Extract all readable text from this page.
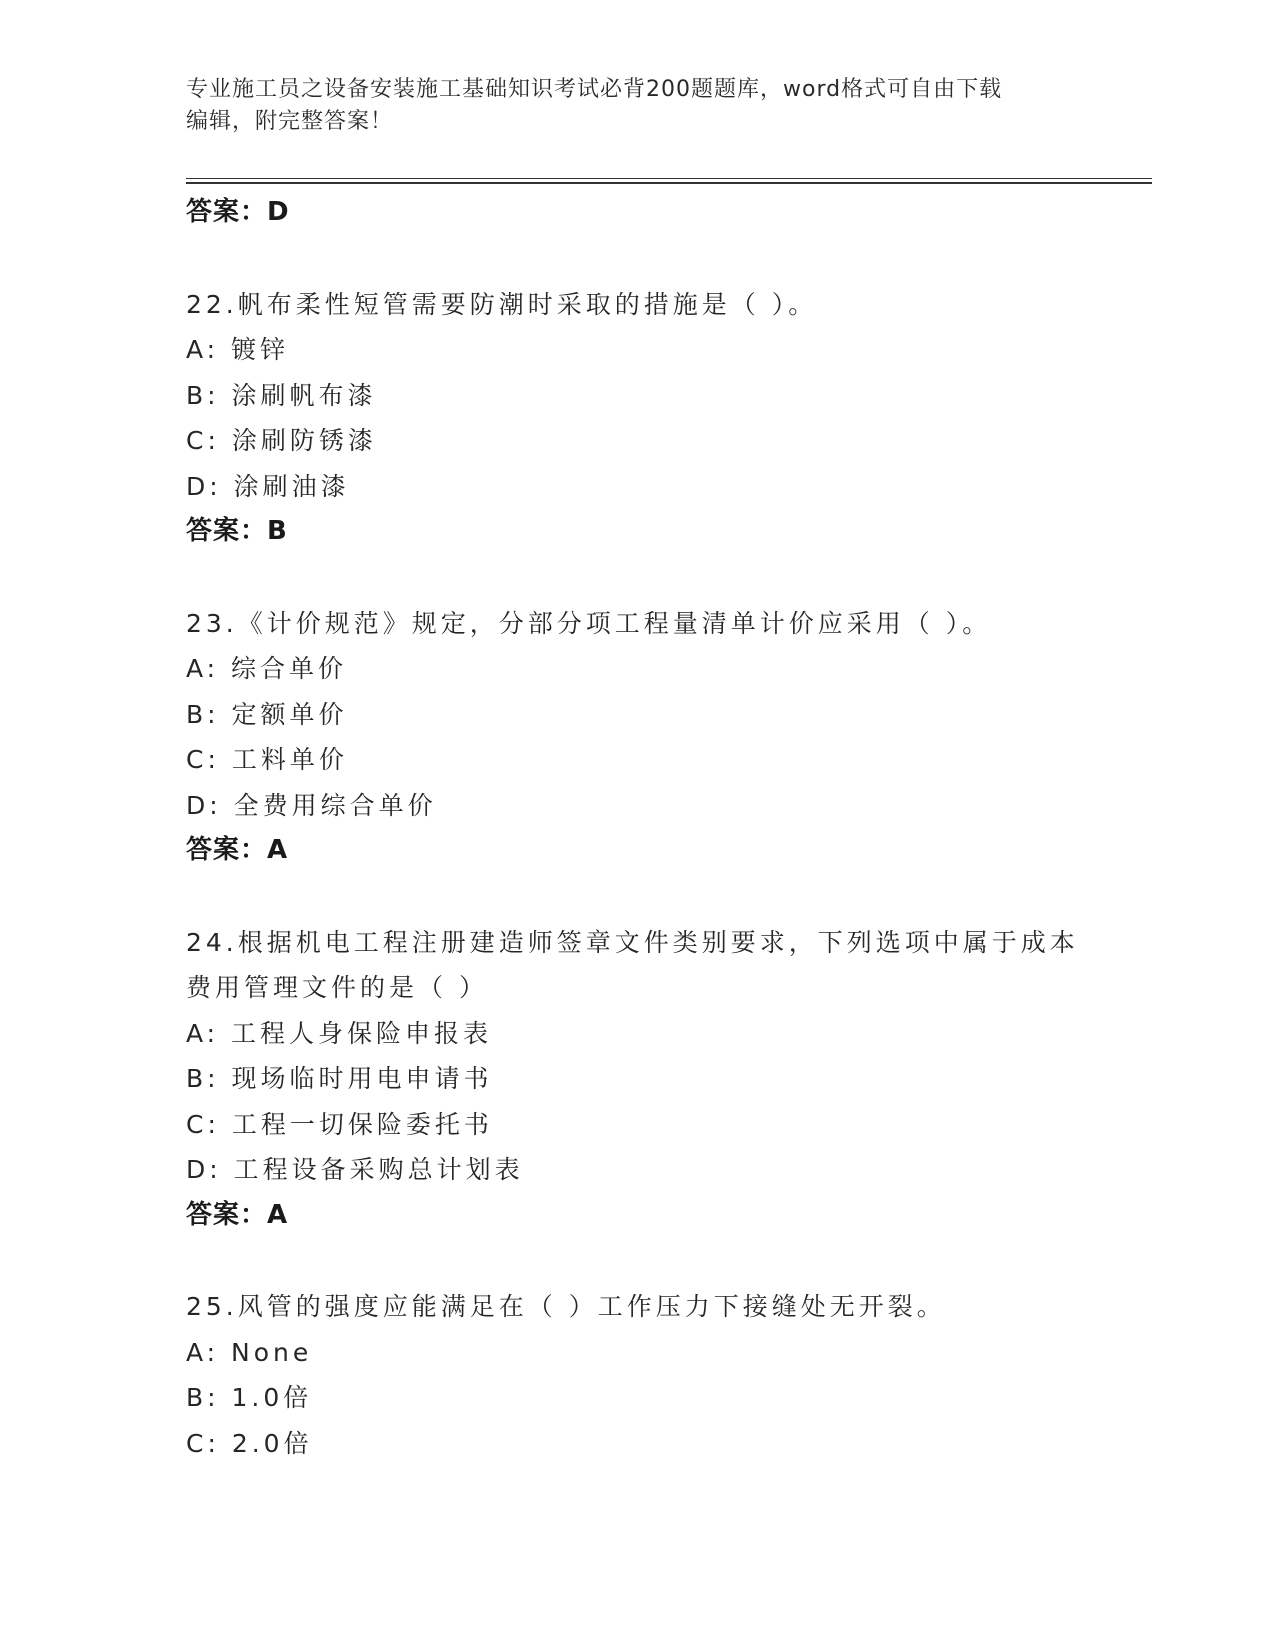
专业施工员之设备安装施工基础知识考试必背200题题库，word格式可自由下载
编辑，附完整答案！
答案：D
22.帆布柔性短管需要防潮时采取的措施是（ ）。
A: 镀锌
B: 涂刷帆布漆
C: 涂刷防锈漆
D: 涂刷油漆
答案：B
23.《计价规范》规定，分部分项工程量清单计价应采用（ ）。
A: 综合单价
B: 定额单价
C: 工料单价
D: 全费用综合单价
答案：A
24.根据机电工程注册建造师签章文件类别要求，下列选项中属于成本
费用管理文件的是（ ）
A: 工程人身保险申报表
B: 现场临时用电申请书
C: 工程一切保险委托书
D: 工程设备采购总计划表
答案：A
25.风管的强度应能满足在（ ）工作压力下接缝处无开裂。
A: None
B: 1.0倍
C: 2.0倍
